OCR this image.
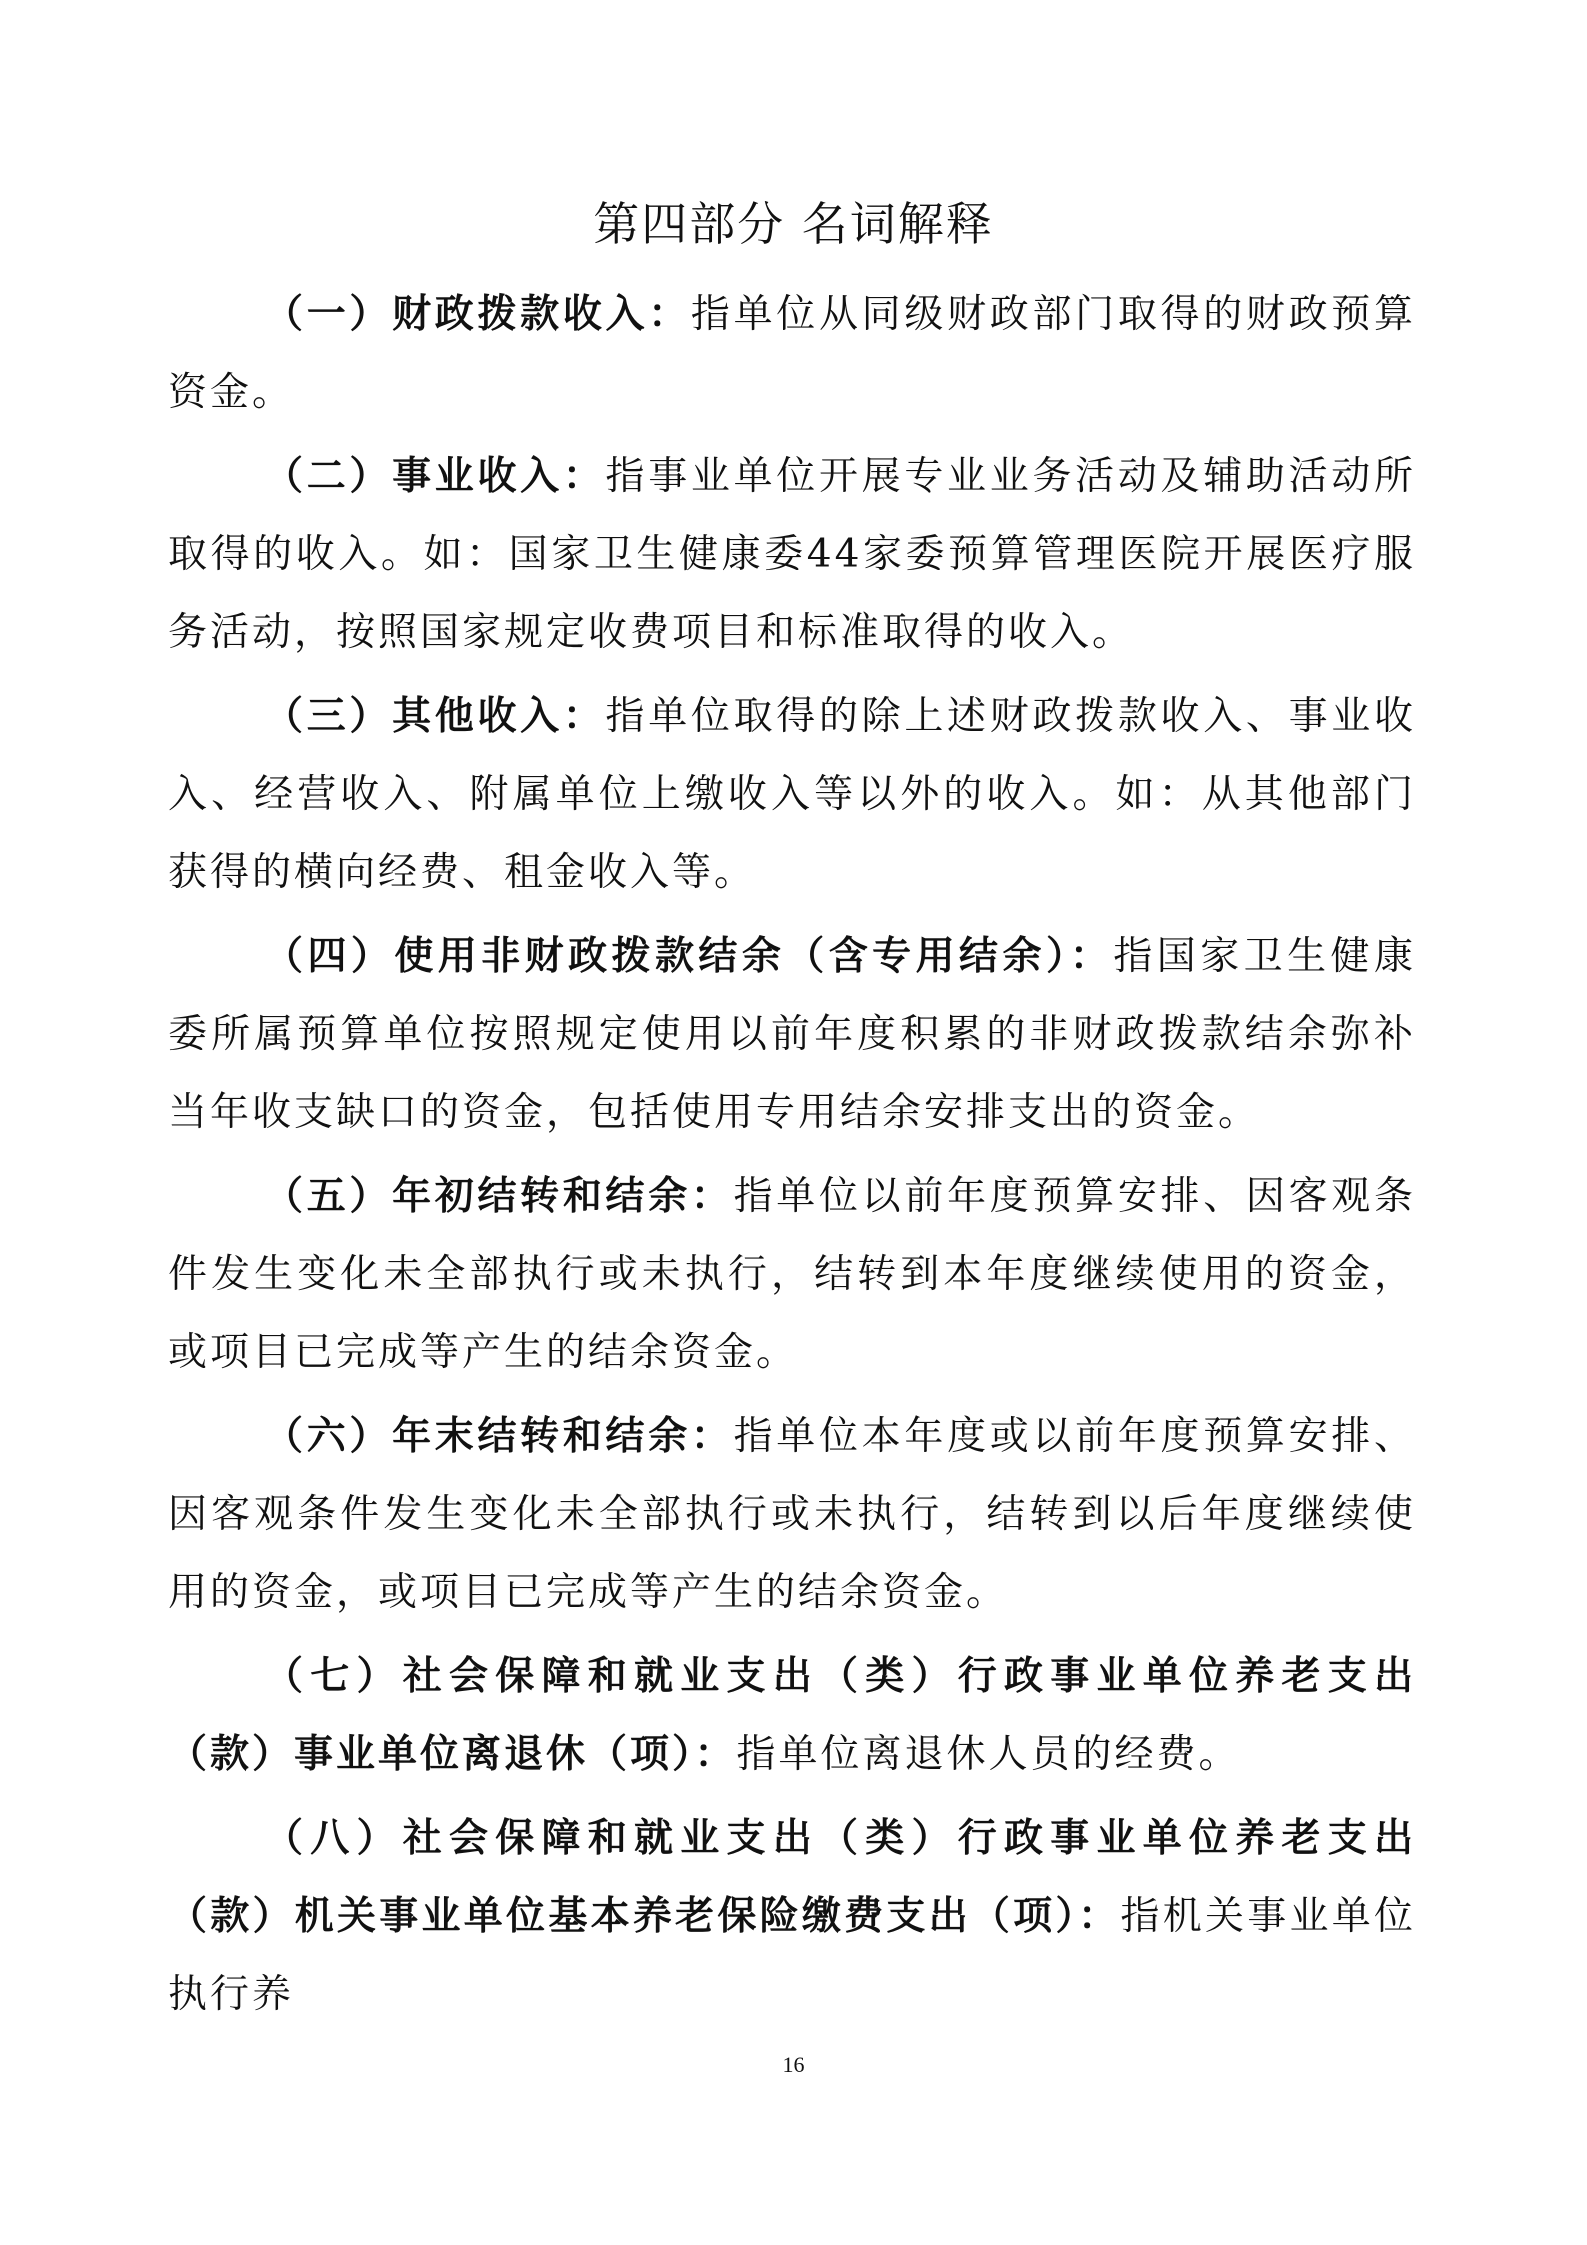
第四部分 名词解释

（一）财政拨款收入：指单位从同级财政部门取得的财政预算资金。

（二）事业收入：指事业单位开展专业业务活动及辅助活动所取得的收入。如：国家卫生健康委44家委预算管理医院开展医疗服务活动，按照国家规定收费项目和标准取得的收入。

（三）其他收入：指单位取得的除上述财政拨款收入、事业收入、经营收入、附属单位上缴收入等以外的收入。如：从其他部门获得的横向经费、租金收入等。

（四）使用非财政拨款结余（含专用结余）：指国家卫生健康委所属预算单位按照规定使用以前年度积累的非财政拨款结余弥补当年收支缺口的资金，包括使用专用结余安排支出的资金。

（五）年初结转和结余：指单位以前年度预算安排、因客观条件发生变化未全部执行或未执行，结转到本年度继续使用的资金，或项目已完成等产生的结余资金。

（六）年末结转和结余：指单位本年度或以前年度预算安排、因客观条件发生变化未全部执行或未执行，结转到以后年度继续使用的资金，或项目已完成等产生的结余资金。

（七）社会保障和就业支出（类）行政事业单位养老支出（款）事业单位离退休（项）：指单位离退休人员的经费。

（八）社会保障和就业支出（类）行政事业单位养老支出（款）机关事业单位基本养老保险缴费支出（项）：指机关事业单位执行养

16
